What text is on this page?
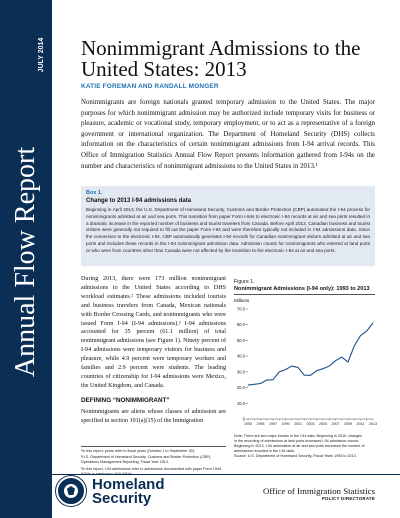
Annual Flow Report
JULY 2014 Nonimmigrant Admissions to the United States: 2013
KATIE FOREMAN AND RANDALL MONGER
Nonimmigrants are foreign nationals granted temporary admission to the United States. The major purposes for which nonimmigrant admission may be authorized include temporary visits for business or pleasure, academic or vocational study, temporary employment, or to act as a representative of a foreign government or international organization. The Department of Homeland Security (DHS) collects information on the characteristics of certain nonimmigrant admissions from I-94 arrival records. This Office of Immigration Statistics Annual Flow Report presents information gathered from I-94s on the number and characteristics of nonimmigrant admissions to the United States in 2013.¹
Box 1.
Change to 2013 I-94 admissions data
Beginning in April 2013, the U.S. Department of Homeland Security, Customs and Border Protection (CBP) automated the I-94 process for nonimmigrants admitted at air and sea ports. This transition from paper Form I-94s to electronic I-94 records at air and sea ports resulted in a dramatic increase in the reported number of business and tourist travelers from Canada. Before April 2013, Canadian business and tourist visitors were generally not required to fill out the paper Form I-94 and were therefore typically not included in I-94 admissions data. Since the conversion to the electronic I-94, CBP automatically generates I-94 records for Canadian nonimmigrant visitors admitted at air and sea ports and includes these records in the I-94 nonimmigrant admission data. Admission counts for nonimmigrants who entered at land ports or who were from countries other than Canada were not affected by the transition to the electronic I-94 at air and sea ports.
During 2013, there were 173 million nonimmigrant admissions to the United States according to DHS workload estimates.² These admissions included tourists and business travelers from Canada, Mexican nationals with Border Crossing Cards, and nonimmigrants who were issued Form I-94 (I-94 admissions).³ I-94 admissions accounted for 35 percent (61.1 million) of total nonimmigrant admissions (see Figure 1). Ninety percent of I-94 admissions were temporary visitors for business and pleasure, while 4.9 percent were temporary workers and families and 2.9 percent were students. The leading countries of citizenship for I-94 admissions were Mexico, the United Kingdom, and Canada.
DEFINING “NONIMMIGRANT”
Nonimmigrants are aliens whose classes of admission are specified in section 101(a)(15) of the Immigration
¹In this report, years refer to fiscal years (October 1 to September 30).
²U.S. Department of Homeland Security, Customs and Border Protection (CBP), Operations Management Reporting, Fiscal Year 2013.
³In this report, I-94 admissions refer to admissions documented with paper Form I-94/I-
Figure 1.
Nonimmigrant Admissions (I-94 only): 1993 to 2013
Millions
0
10.0
20.0
30.0
40.0
50.0
60.0
70.0
1993 1995 1997 1999 2001 2003 2005 2007 2009 2011 2013
Note: There are two major breaks in the I-94 data. Beginning in 2010, changes
in the recording of admissions at land ports increased I-94 admission counts.
Beginning in 2013, I-94 automation at air and sea ports increased the number of
admissions recorded in the I-94 data.
Source: U.S. Department of Homeland Security, Fiscal Years 1993 to 2013.
Homeland
Security	Office of Immigration Statistics
POLICY DIRECTORATE
